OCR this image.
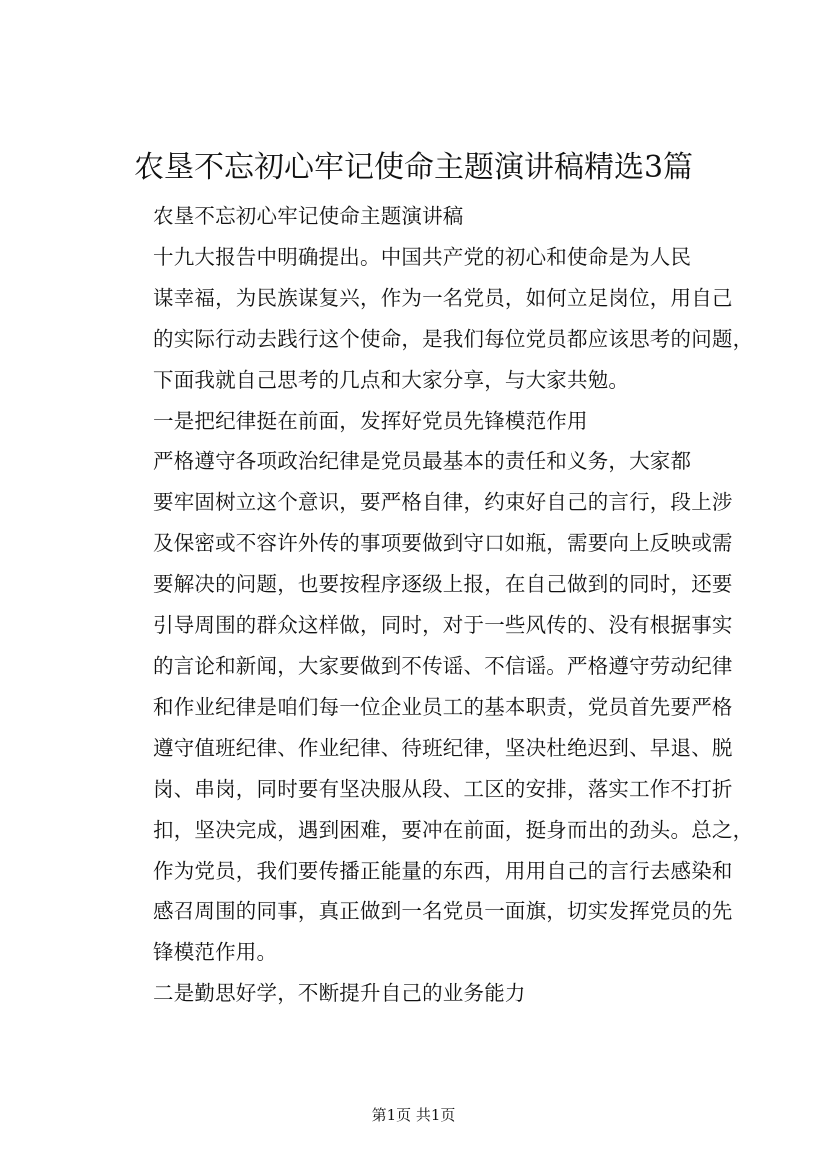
农垦不忘初心牢记使命主题演讲稿精选3篇
农垦不忘初心牢记使命主题演讲稿
十九大报告中明确提出。中国共产党的初心和使命是为人民
谋幸福，为民族谋复兴，作为一名党员，如何立足岗位，用自己
的实际行动去践行这个使命，是我们每位党员都应该思考的问题，
下面我就自己思考的几点和大家分享，与大家共勉。
一是把纪律挺在前面，发挥好党员先锋模范作用
严格遵守各项政治纪律是党员最基本的责任和义务，大家都
要牢固树立这个意识，要严格自律，约束好自己的言行，段上涉
及保密或不容许外传的事项要做到守口如瓶，需要向上反映或需
要解决的问题，也要按程序逐级上报，在自己做到的同时，还要
引导周围的群众这样做，同时，对于一些风传的、没有根据事实
的言论和新闻，大家要做到不传谣、不信谣。严格遵守劳动纪律
和作业纪律是咱们每一位企业员工的基本职责，党员首先要严格
遵守值班纪律、作业纪律、待班纪律，坚决杜绝迟到、早退、脱
岗、串岗，同时要有坚决服从段、工区的安排，落实工作不打折
扣，坚决完成，遇到困难，要冲在前面，挺身而出的劲头。总之，
作为党员，我们要传播正能量的东西，用用自己的言行去感染和
感召周围的同事，真正做到一名党员一面旗，切实发挥党员的先
锋模范作用。
二是勤思好学，不断提升自己的业务能力
第1页 共1页
